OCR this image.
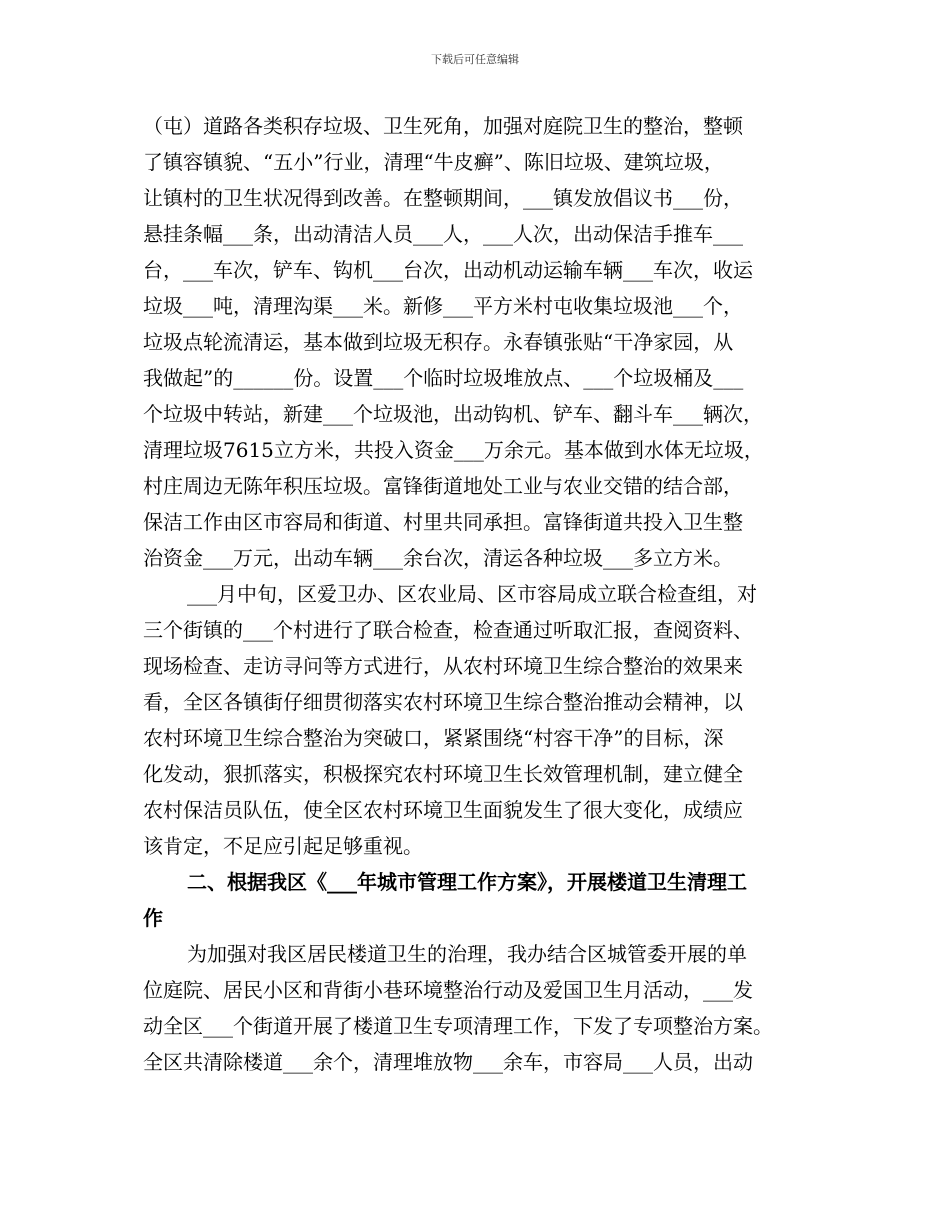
下载后可任意编辑
（屯）道路各类积存垃圾、卫生死角，加强对庭院卫生的整治，整顿
了镇容镇貌、“五小”行业，清理“牛皮癣”、陈旧垃圾、建筑垃圾，
让镇村的卫生状况得到改善。在整顿期间，___镇发放倡议书___份，
悬挂条幅___条，出动清洁人员___人，___人次，出动保洁手推车___
台，___车次，铲车、钩机___台次，出动机动运输车辆___车次，收运
垃圾___吨，清理沟渠___米。新修___平方米村屯收集垃圾池___个，
垃圾点轮流清运，基本做到垃圾无积存。永春镇张贴“干净家园，从
我做起”的______份。设置___个临时垃圾堆放点、___个垃圾桶及___
个垃圾中转站，新建___个垃圾池，出动钩机、铲车、翻斗车___辆次，
清理垃圾7615立方米，共投入资金___万余元。基本做到水体无垃圾，
村庄周边无陈年积压垃圾。富锋街道地处工业与农业交错的结合部，
保洁工作由区市容局和街道、村里共同承担。富锋街道共投入卫生整
治资金___万元，出动车辆___余台次，清运各种垃圾___多立方米。
___月中旬，区爱卫办、区农业局、区市容局成立联合检查组，对
三个街镇的___个村进行了联合检查，检查通过听取汇报，查阅资料、
现场检查、走访寻问等方式进行，从农村环境卫生综合整治的效果来
看，全区各镇街仔细贯彻落实农村环境卫生综合整治推动会精神，以
农村环境卫生综合整治为突破口，紧紧围绕“村容干净”的目标，深
化发动，狠抓落实，积极探究农村环境卫生长效管理机制，建立健全
农村保洁员队伍，使全区农村环境卫生面貌发生了很大变化，成绩应
该肯定，不足应引起足够重视。
二、根据我区《___年城市管理工作方案》，开展楼道卫生清理工
作
为加强对我区居民楼道卫生的治理，我办结合区城管委开展的单
位庭院、居民小区和背街小巷环境整治行动及爱国卫生月活动，___发
动全区___个街道开展了楼道卫生专项清理工作，下发了专项整治方案。
全区共清除楼道___余个，清理堆放物___余车，市容局___人员，出动
